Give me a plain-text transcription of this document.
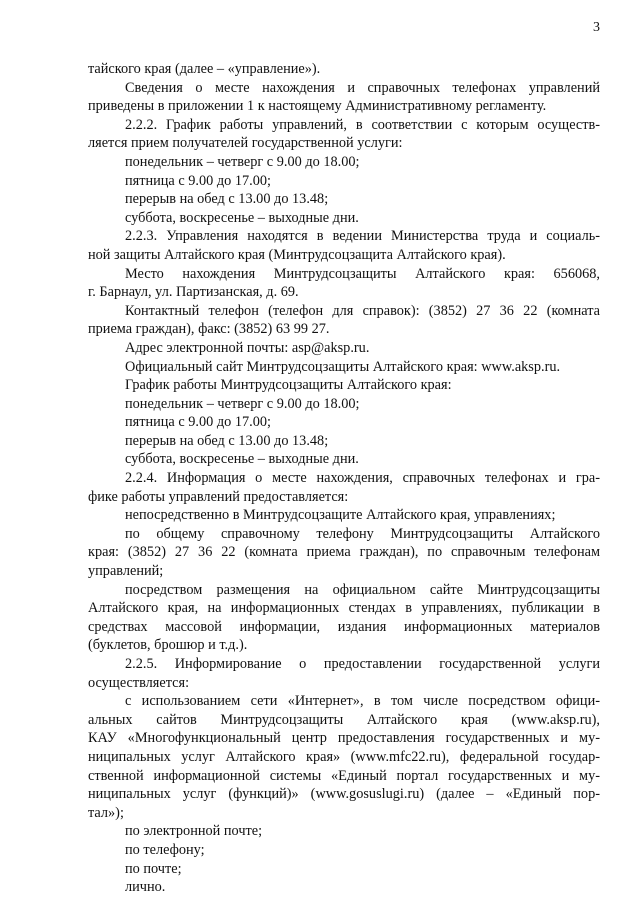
3
тайского края (далее – «управление»).
Сведения о месте нахождения и справочных телефонах управлений
приведены в приложении 1 к настоящему Административному регламенту.
2.2.2. График работы управлений, в соответствии с которым осуществ-
ляется прием получателей государственной услуги:
понедельник – четверг с 9.00 до 18.00;
пятница с 9.00 до 17.00;
перерыв на обед с 13.00 до 13.48;
суббота, воскресенье – выходные дни.
2.2.3. Управления находятся в ведении Министерства труда и социаль-
ной защиты Алтайского края (Минтрудсоцзащита Алтайского края).
Место нахождения Минтрудсоцзащиты Алтайского края: 656068,
г. Барнаул, ул. Партизанская, д. 69.
Контактный телефон (телефон для справок): (3852) 27 36 22 (комната
приема граждан), факс: (3852) 63 99 27.
Адрес электронной почты: asp@aksp.ru.
Официальный сайт Минтрудсоцзащиты Алтайского края: www.aksp.ru.
График работы Минтрудсоцзащиты Алтайского края:
понедельник – четверг с 9.00 до 18.00;
пятница с 9.00 до 17.00;
перерыв на обед с 13.00 до 13.48;
суббота, воскресенье – выходные дни.
2.2.4. Информация о месте нахождения, справочных телефонах и гра-
фике работы управлений предоставляется:
непосредственно в Минтрудсоцзащите Алтайского края, управлениях;
по общему справочному телефону Минтрудсоцзащиты Алтайского
края: (3852) 27 36 22 (комната приема граждан), по справочным телефонам
управлений;
посредством размещения на официальном сайте Минтрудсоцзащиты
Алтайского края, на информационных стендах в управлениях, публикации в
средствах массовой информации, издания информационных материалов
(буклетов, брошюр и т.д.).
2.2.5. Информирование о предоставлении государственной услуги
осуществляется:
с использованием сети «Интернет», в том числе посредством офици-
альных сайтов Минтрудсоцзащиты Алтайского края (www.aksp.ru),
КАУ «Многофункциональный центр предоставления государственных и му-
ниципальных услуг Алтайского края» (www.mfc22.ru), федеральной государ-
ственной информационной системы «Единый портал государственных и му-
ниципальных услуг (функций)» (www.gosuslugi.ru) (далее – «Единый пор-
тал»);
по электронной почте;
по телефону;
по почте;
лично.
